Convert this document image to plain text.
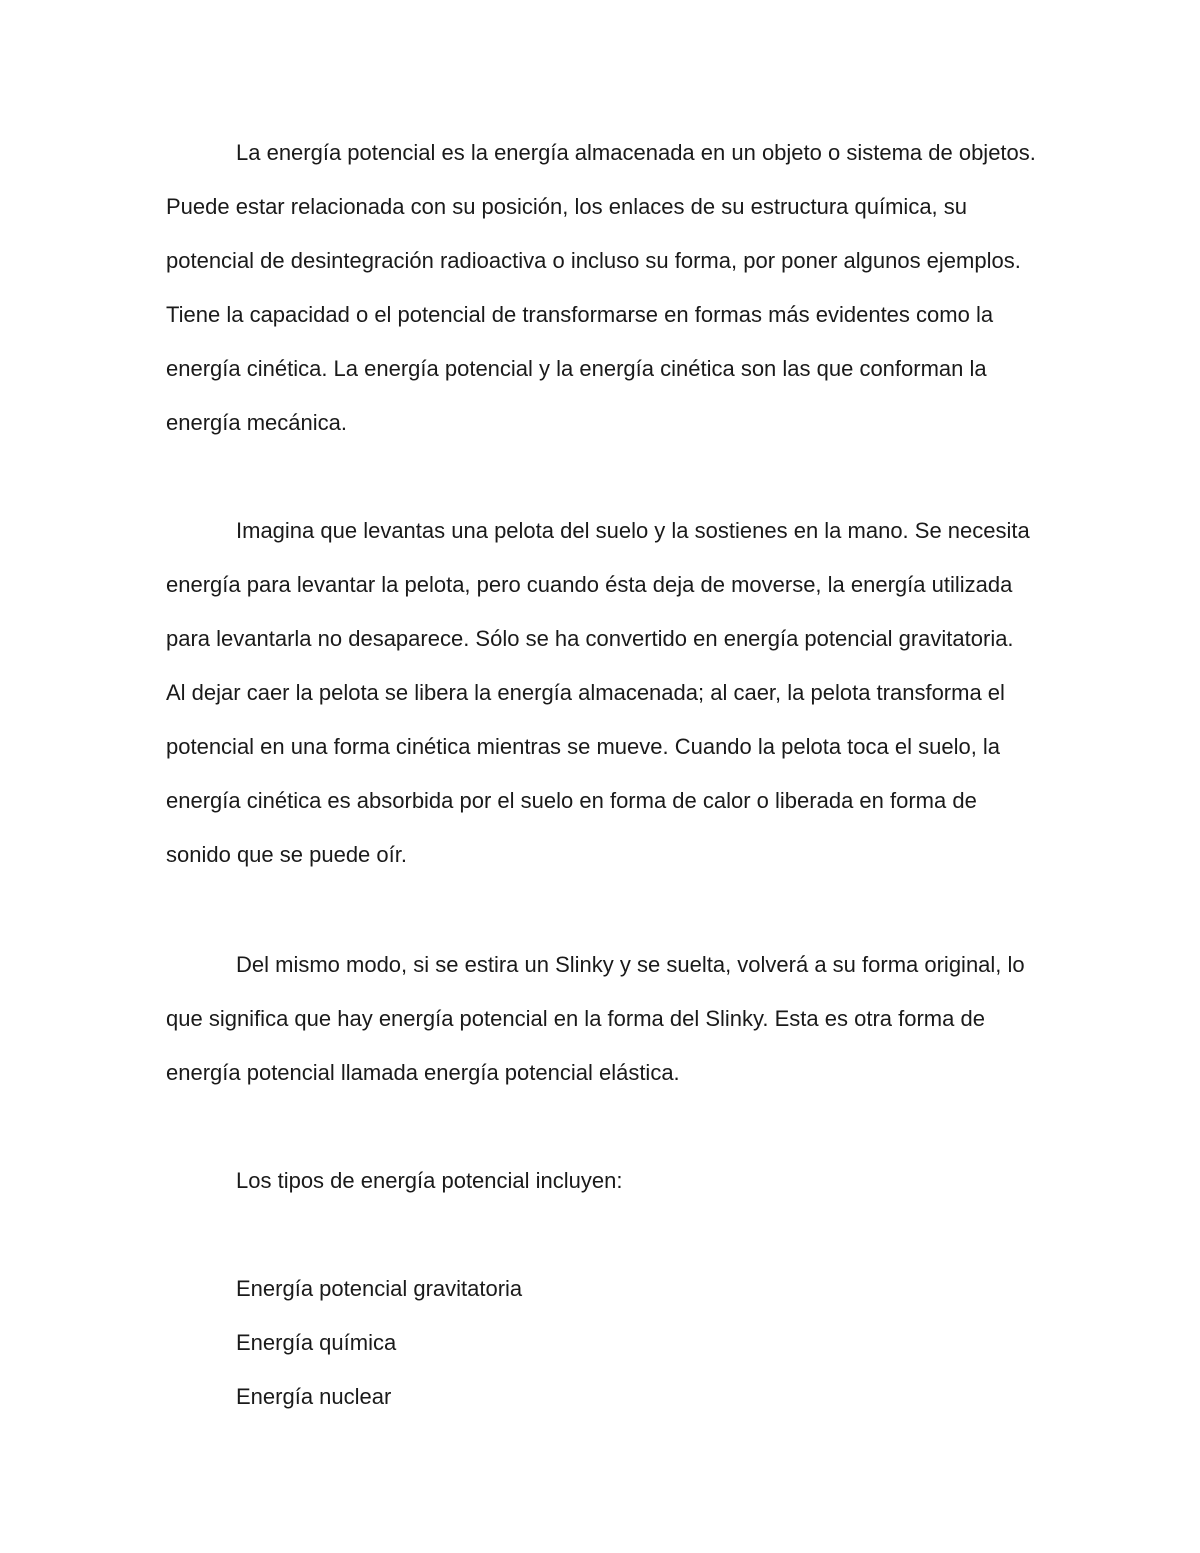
La energía potencial es la energía almacenada en un objeto o sistema de objetos. Puede estar relacionada con su posición, los enlaces de su estructura química, su potencial de desintegración radioactiva o incluso su forma, por poner algunos ejemplos. Tiene la capacidad o el potencial de transformarse en formas más evidentes como la energía cinética. La energía potencial y la energía cinética son las que conforman la energía mecánica.

Imagina que levantas una pelota del suelo y la sostienes en la mano. Se necesita energía para levantar la pelota, pero cuando ésta deja de moverse, la energía utilizada para levantarla no desaparece. Sólo se ha convertido en energía potencial gravitatoria. Al dejar caer la pelota se libera la energía almacenada; al caer, la pelota transforma el potencial en una forma cinética mientras se mueve. Cuando la pelota toca el suelo, la energía cinética es absorbida por el suelo en forma de calor o liberada en forma de sonido que se puede oír.

Del mismo modo, si se estira un Slinky y se suelta, volverá a su forma original, lo que significa que hay energía potencial en la forma del Slinky. Esta es otra forma de energía potencial llamada energía potencial elástica.

Los tipos de energía potencial incluyen:

Energía potencial gravitatoria
Energía química
Energía nuclear
